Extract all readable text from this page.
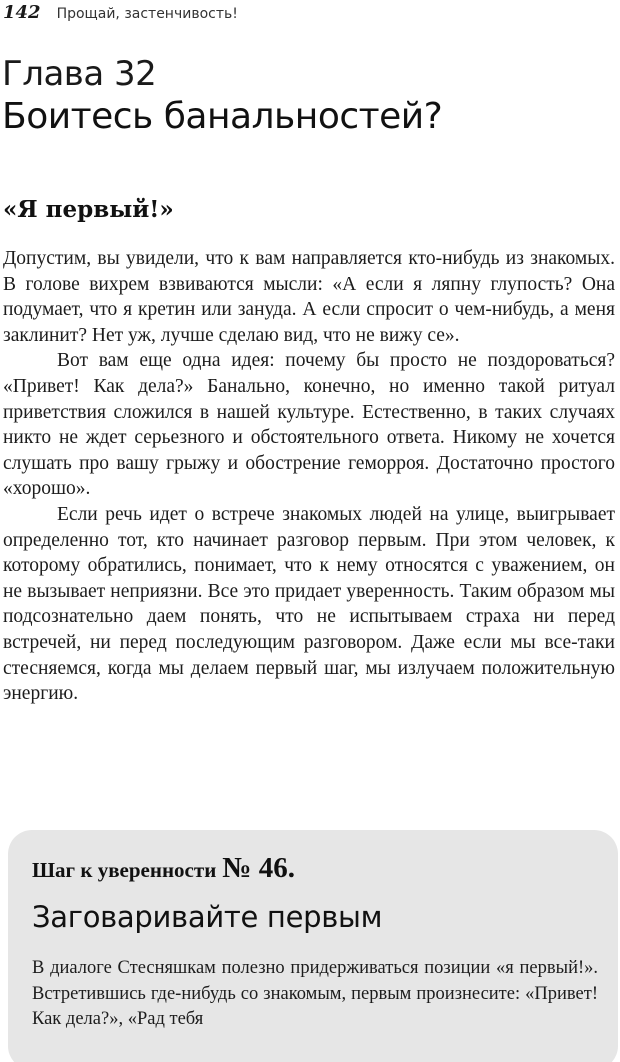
142 Прощай, застенчивость!
Глава 32
Боитесь банальностей?
«Я первый!»

Допустим, вы увидели, что к вам направляется кто-нибудь из знакомых. В голове вихрем взвиваются мысли: «А если я ляпну глупость? Она подумает, что я кретин или зануда. А если спросит о чем-нибудь, а меня заклинит? Нет уж, лучше сделаю вид, что не вижу се».

Вот вам еще одна идея: почему бы просто не поздороваться? «Привет! Как дела?» Банально, конечно, но именно такой ритуал приветствия сложился в нашей культуре. Естественно, в таких случаях никто не ждет серьезного и обстоятельного ответа. Никому не хочется слушать про вашу грыжу и обострение геморроя. Достаточно простого «хорошо».

Если речь идет о встрече знакомых людей на улице, выигрывает определенно тот, кто начинает разговор первым. При этом человек, к которому обратились, понимает, что к нему относятся с уважением, он не вызывает неприязни. Все это придает уверенность. Таким образом мы подсознательно даем понять, что не испытываем страха ни перед встречей, ни перед последующим разговором. Даже если мы все-таки стесняемся, когда мы делаем первый шаг, мы излучаем положительную энергию.

Шаг к уверенности № 46.
Заговаривайте первым
В диалоге Стесняшкам полезно придерживаться позиции «я первый!». Встретившись где-нибудь со знакомым, первым произнесите: «Привет! Как дела?», «Рад тебя
